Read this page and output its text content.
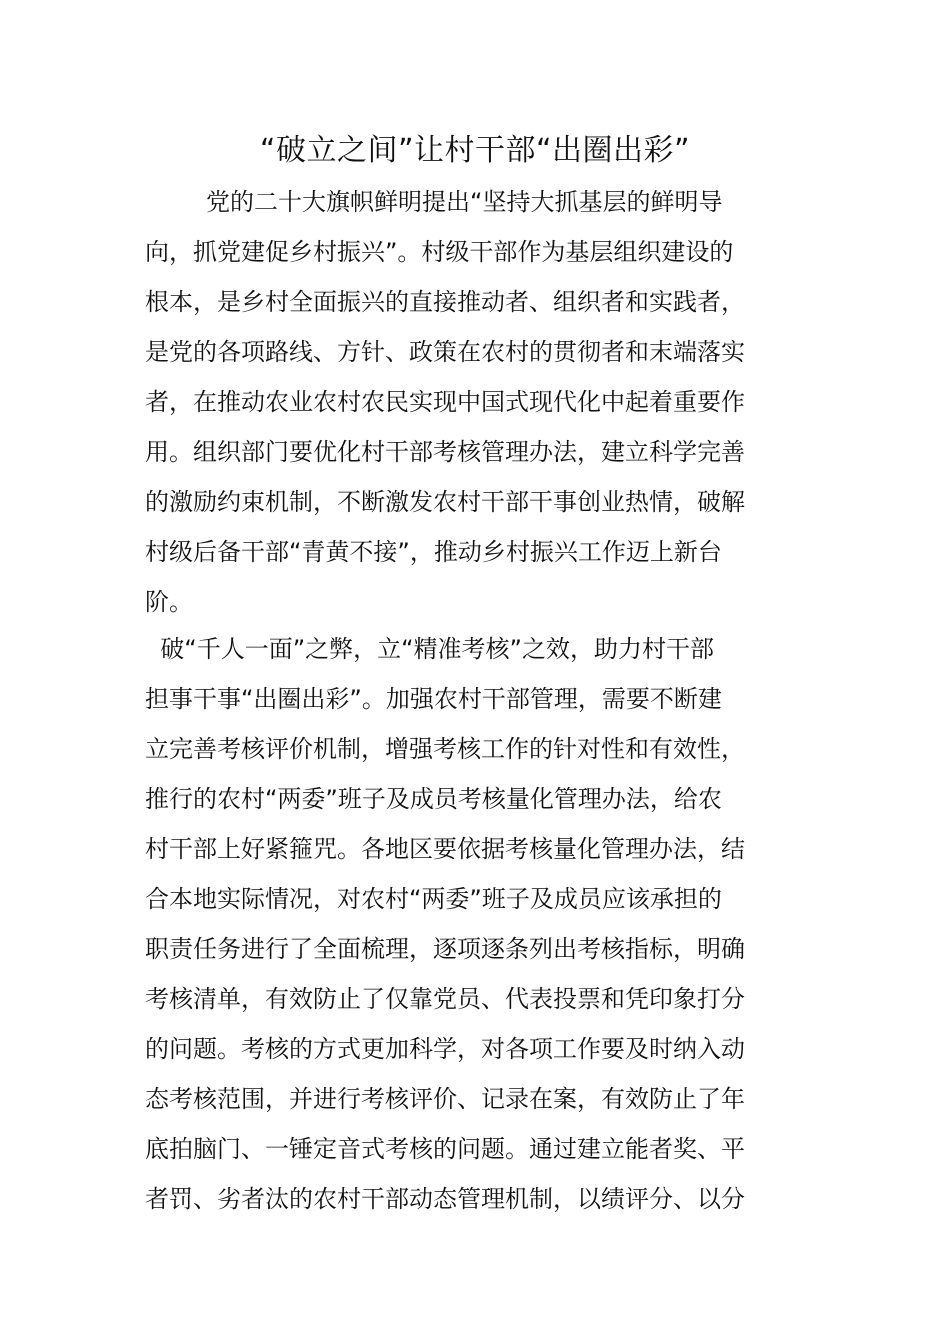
“破立之间”让村干部“出圈出彩”
党的二十大旗帜鲜明提出“坚持大抓基层的鲜明导
向，抓党建促乡村振兴”。村级干部作为基层组织建设的
根本，是乡村全面振兴的直接推动者、组织者和实践者，
是党的各项路线、方针、政策在农村的贯彻者和末端落实
者，在推动农业农村农民实现中国式现代化中起着重要作
用。组织部门要优化村干部考核管理办法，建立科学完善
的激励约束机制，不断激发农村干部干事创业热情，破解
村级后备干部“青黄不接”，推动乡村振兴工作迈上新台
阶。
破“千人一面”之弊，立“精准考核”之效，助力村干部
担事干事“出圈出彩”。加强农村干部管理，需要不断建
立完善考核评价机制，增强考核工作的针对性和有效性，
推行的农村“两委”班子及成员考核量化管理办法，给农
村干部上好紧箍咒。各地区要依据考核量化管理办法，结
合本地实际情况，对农村“两委”班子及成员应该承担的
职责任务进行了全面梳理，逐项逐条列出考核指标，明确
考核清单，有效防止了仅靠党员、代表投票和凭印象打分
的问题。考核的方式更加科学，对各项工作要及时纳入动
态考核范围，并进行考核评价、记录在案，有效防止了年
底拍脑门、一锤定音式考核的问题。通过建立能者奖、平
者罚、劣者汰的农村干部动态管理机制，以绩评分、以分
